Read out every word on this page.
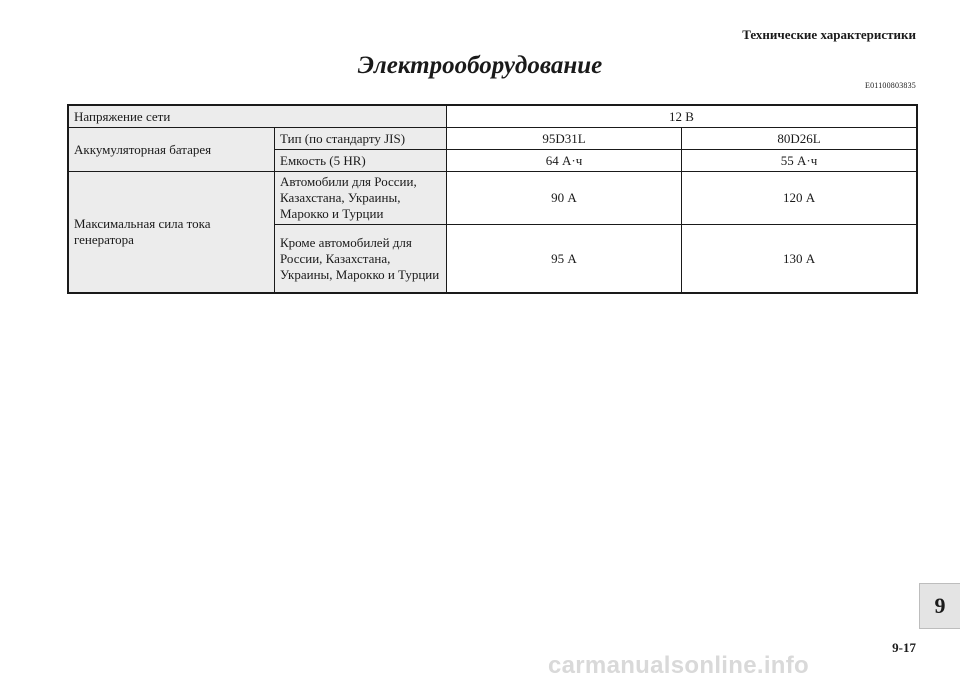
Технические характеристики
Электрооборудование
E01100803835
Напряжение сети		12 В	
Аккумуляторная батарея	Тип (по стандарту JIS)	95D31L	80D26L
	Емкость (5 HR)	64 А·ч	55 А·ч
Максимальная сила тока генератора	Автомобили для России, Казахстана, Украины, Марокко и Турции	90 А	120 А
	Кроме автомобилей для России, Казахстана, Украины, Марокко и Турции	95 А	130 А
9
9-17
carmanualsonline.info
